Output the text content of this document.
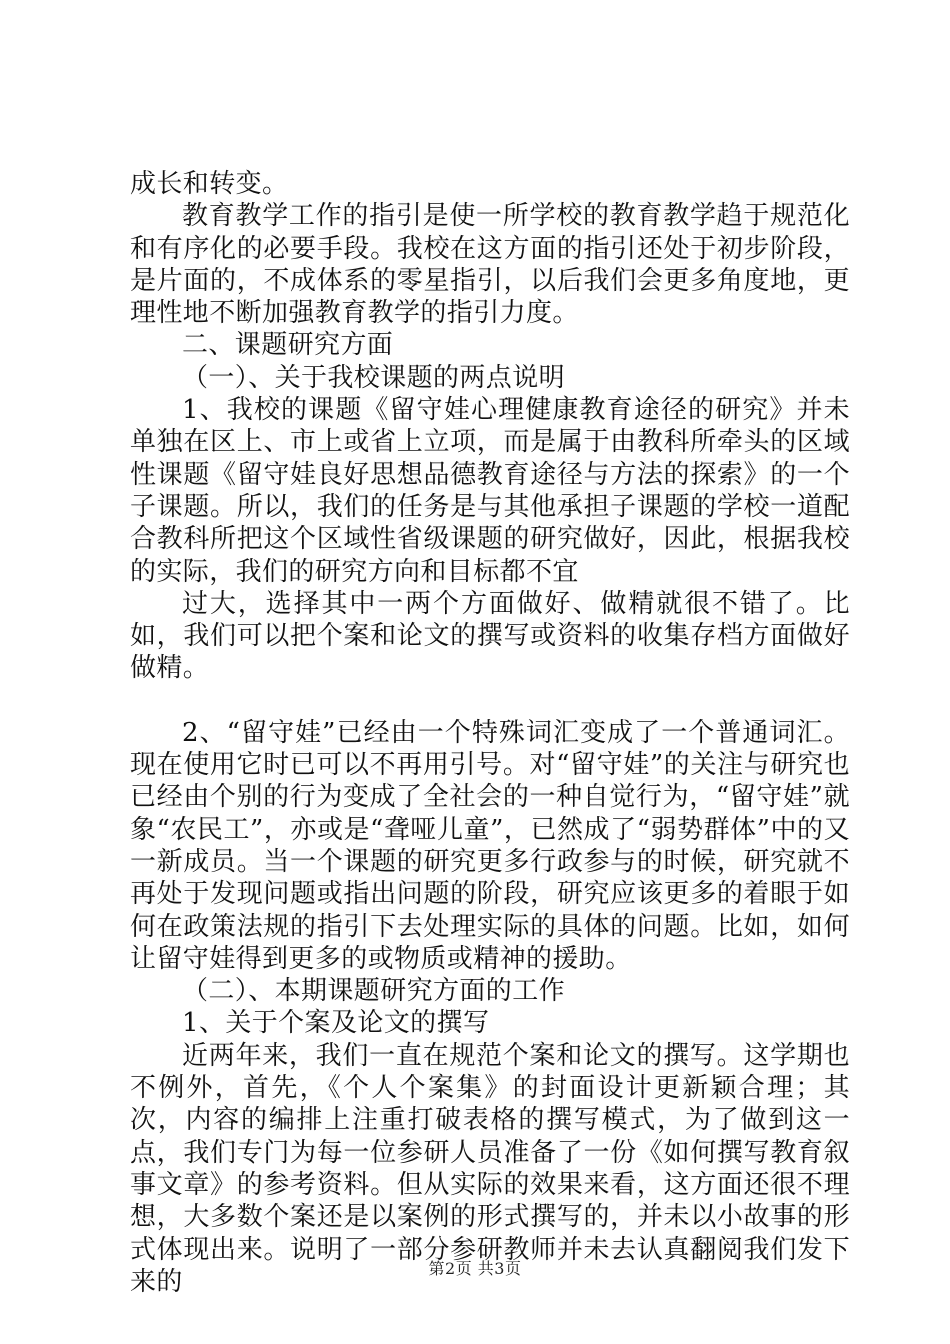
成长和转变。

教育教学工作的指引是使一所学校的教育教学趋于规范化和有序化的必要手段。我校在这方面的指引还处于初步阶段，是片面的，不成体系的零星指引，以后我们会更多角度地，更理性地不断加强教育教学的指引力度。

二、课题研究方面

（一）、关于我校课题的两点说明

1、我校的课题《留守娃心理健康教育途径的研究》并未单独在区上、市上或省上立项，而是属于由教科所牵头的区域性课题《留守娃良好思想品德教育途径与方法的探索》的一个子课题。所以，我们的任务是与其他承担子课题的学校一道配合教科所把这个区域性省级课题的研究做好，因此，根据我校的实际，我们的研究方向和目标都不宜

过大，选择其中一两个方面做好、做精就很不错了。比如，我们可以把个案和论文的撰写或资料的收集存档方面做好做精。

2、“留守娃”已经由一个特殊词汇变成了一个普通词汇。现在使用它时已可以不再用引号。对“留守娃”的关注与研究也已经由个别的行为变成了全社会的一种自觉行为，“留守娃”就象“农民工”，亦或是“聋哑儿童”，已然成了“弱势群体”中的又一新成员。当一个课题的研究更多行政参与的时候，研究就不再处于发现问题或指出问题的阶段，研究应该更多的着眼于如何在政策法规的指引下去处理实际的具体的问题。比如，如何让留守娃得到更多的或物质或精神的援助。

（二）、本期课题研究方面的工作

1、关于个案及论文的撰写

近两年来，我们一直在规范个案和论文的撰写。这学期也不例外，首先，《个人个案集》的封面设计更新颖合理；其次，内容的编排上注重打破表格的撰写模式，为了做到这一点，我们专门为每一位参研人员准备了一份《如何撰写教育叙事文章》的参考资料。但从实际的效果来看，这方面还很不理想，大多数个案还是以案例的形式撰写的，并未以小故事的形式体现出来。说明了一部分参研教师并未去认真翻阅我们发下来的	第2页 共3页
